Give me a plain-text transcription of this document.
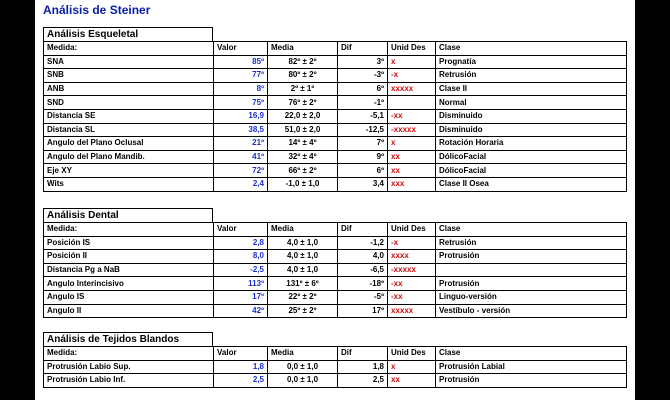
Análisis de Steiner
Análisis Esqueletal
Medida:	Valor	Media	Dif	Unid Des	Clase
SNA	85º	82º ± 2º	3º	x	Prognatía
SNB	77º	80º ± 2º	-3º	-x	Retrusión
ANB	8º	2º ± 1º	6º	xxxxx	Clase II
SND	75º	76º ± 2º	-1º		Normal
Distancia SE	16,9	22,0 ± 2,0	-5,1	-xx	Disminuido
Distancia SL	38,5	51,0 ± 2,0	-12,5	-xxxxx	Disminuido
Angulo del Plano Oclusal	21º	14º ± 4º	7º	x	Rotación Horaria
Angulo del Plano Mandib.	41º	32º ± 4º	9º	xx	DólicoFacial
Eje XY	72º	66º ± 2º	6º	xx	DólicoFacial
Wits	2,4	-1,0 ± 1,0	3,4	xxx	Clase II Osea
Análisis Dental
Medida:	Valor	Media	Dif	Unid Des	Clase
Posición IS	2,8	4,0 ± 1,0	-1,2	-x	Retrusión
Posición II	8,0	4,0 ± 1,0	4,0	xxxx	Protrusión
Distancia Pg a NaB	-2,5	4,0 ± 1,0	-6,5	-xxxxx	
Angulo Interincisivo	113º	131º ± 6º	-18º	-xx	Protrusión
Angulo IS	17º	22º ± 2º	-5º	-xx	Linguo-versión
Angulo II	42º	25º ± 2º	17º	xxxxx	Vestíbulo - versión
Análisis de Tejidos Blandos
Medida:	Valor	Media	Dif	Unid Des	Clase
Protrusión Labio Sup.	1,8	0,0 ± 1,0	1,8	x	Protrusión Labial
Protrusión Labio Inf.	2,5	0,0 ± 1,0	2,5	xx	Protrusión
